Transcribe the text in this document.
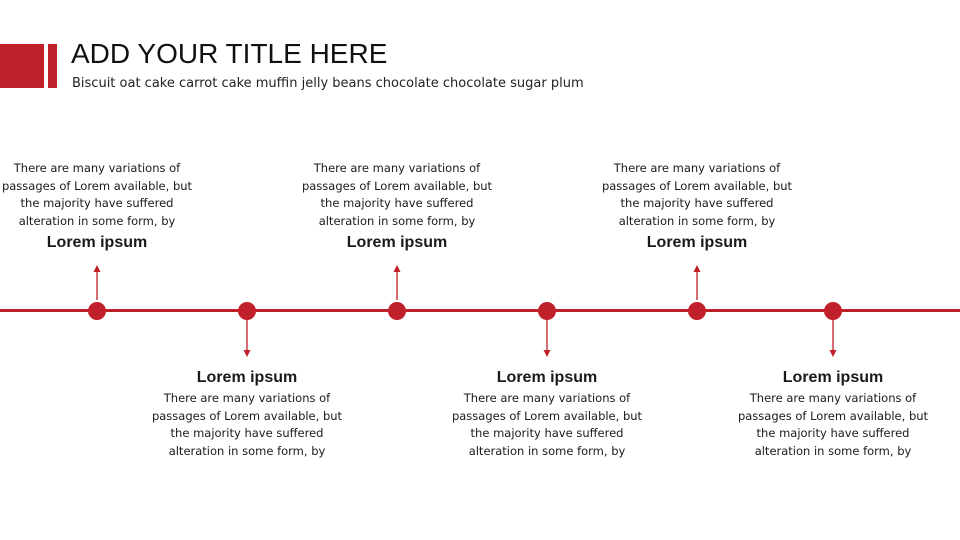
ADD YOUR TITLE HERE

Biscuit oat cake carrot cake muffin jelly beans chocolate chocolate sugar plum

There are many variations of
passages of Lorem available, but
the majority have suffered
alteration in some form, by
Lorem ipsum
Lorem ipsum
There are many variations of
passages of Lorem available, but
the majority have suffered
alteration in some form, by
There are many variations of
passages of Lorem available, but
the majority have suffered
alteration in some form, by
Lorem ipsum
Lorem ipsum
There are many variations of
passages of Lorem available, but
the majority have suffered
alteration in some form, by
There are many variations of
passages of Lorem available, but
the majority have suffered
alteration in some form, by
Lorem ipsum
Lorem ipsum
There are many variations of
passages of Lorem available, but
the majority have suffered
alteration in some form, by
